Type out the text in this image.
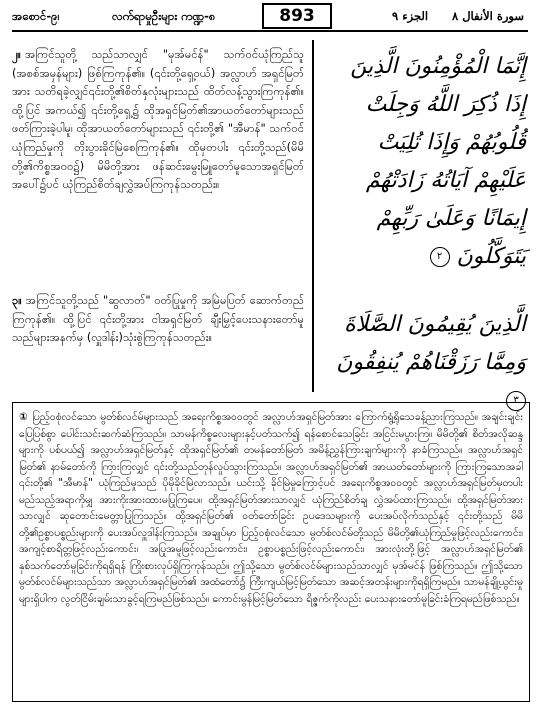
အစောင်-၉၊	လက်ရာမှုဦးများ ကဏ္ဍ-၈	893	الجزء ٩ سورة الأنفال ٨
၂။ အကြင်သူတို့ သည်သာလျှင် "မုအ်မင်န်" သက်ဝင်ယုံကြည်သူ (အစစ်အမှန်များ) ဖြစ်ကြကုန်၏။ (၎င်းတို့ရှေ့ဝယ်) အလ္လာဟ် အရှင်မြတ်အား သတိရခဲ့လျှင်၎င်းတို့၏စိတ်နှလုံးများသည် ထိတ်လန့်သွားကြကုန်၏။ ထို့ပြင် အကယ်၍ ၎င်းတို့ရှေ့၌ ထိုအရှင်မြတ်၏အာယတ်တော်များသည် ဖတ်ကြားခဲ့ပါမူ၊ ထိုအာယတ်တော်များသည် ၎င်းတို့၏ "အီမာန်" သက်ဝင်ယုံကြည်မှုကို တိုးပွားခိုင်မြဲစေကြကုန်၏။ ထိုမှတပါး ၎င်းတို့သည်(မိမိတို့၏ကိစ္စအဝဝ၌) မိမိတို့အား ဖန်ဆင်းမွေးမြူတော်မူသောအရှင်မြတ်အပေါ်၌ပင် ယုံကြည်စိတ်ချလွှဲအပ်ကြကုန်သတည်း။
إِنَّمَا الْمُؤْمِنُونَ الَّذِينَ إِذَا ذُكِرَ اللَّهُ وَجِلَتْ قُلُوبُهُمْ وَإِذَا تُلِيَتْ عَلَيْهِمْ آيَاتُهُ زَادَتْهُمْ إِيمَانًا وَعَلَىٰ رَبِّهِمْ يَتَوَكَّلُونَ ٢
၃။ အကြင်သူတို့သည် "ဆွလာတ်" ဝတ်ပြုမှုကို အမြဲမပြတ် ဆောက်တည်ကြကုန်၏။ ထို့ပြင် ၎င်းတို့အား ငါအရှင်မြတ် ချီးမြှင့်ပေးသနားတော်မူသည်များအနက်မှ (လှူဒါန်း)သုံးစွဲကြကုန်သတည်း။
الَّذِينَ يُقِيمُونَ الصَّلَاةَ وَمِمَّا رَزَقْنَاهُمْ يُنفِقُونَ ٣
① ပြည့်ဝစုံလင်သော မွတ်စ်လင်မ်များသည် အရေးကိစ္စအဝဝတွင် အလ္လာဟ်အရှင်မြတ်အား ကြောက်ရွံ့ရိုသေခန့်ညားကြသည်။ အချင်းချင်းပြေပြစ်စွာ ပေါင်းသင်းဆက်ဆံကြသည်။ သာမန်ကိစ္စလေးများနှင့်ပတ်သက်၍ ရန်စောင်သေခြင်း အငြင်းမပွားကြ။ မိမိတို့၏ စိတ်အလိုဆန္ဒများကို ပစ်ပယ်၍ အလ္လာဟ်အရှင်မြတ်နှင့် ထိုအရှင်မြတ်၏ တမန်တော်မြတ် အမိန့်ညွှန်ကြားချက်များကို နာခံကြသည်။ အလ္လာဟ်အရှင်မြတ်၏ နာမ်တော်ကို ကြားကြလျှင် ၎င်းတို့သည်တုန်လှုပ်သွားကြသည်။ အလ္လာဟ်အရှင်မြတ်၏ အာယတ်တော်များကို ကြားကြသောအခါ ၎င်းတို့၏ "အီမာန်" ယုံကြည်မှုသည် ပိုမိုခိုင်မြဲလာသည်။ ယင်းသို့ ခိုင်မြဲမှုကြောင့်ပင် အရေးကိစ္စအဝဝတွင် အလ္လာဟ်အရှင်မြတ်မှတပါး မည်သည့်အရာကိုမျှ အားကိုးအားထားမပြုကြပေ။ ထို့အရှင်မြတ်အားသာလျှင် ယုံကြည်စိတ်ချ လွှဲအပ်ထားကြသည်။ ထို့အရှင်မြတ်အားသာလျှင် ဆုတောင်းမေတ္တာပြုကြသည်။ ထို့အရှင်မြတ်၏ ဝတ်တော်ခြင်း ဥပဒေသများကို ပေးအပ်လိုက်သည်နှင့် ၎င်းတို့သည် မိမိတို့၏ဥစ္စာပစ္စည်းများကို ပေးအပ်လှူဒါန်းကြသည်။ အချုပ်မှာ ပြည့်ဝစုံလင်သော မွတ်စ်လင်မ်တို့သည် မိမိတို့၏ယုံကြည်မှုဖြင့်လည်းကောင်း၊ အကျင့်စာရိတ္တဖြင့်လည်းကောင်း၊ အပြုအမူဖြင့်လည်းကောင်း၊ ဥစ္စာပစ္စည်းဖြင့်လည်းကောင်း၊ အားလုံးတို့ဖြင့် အလ္လာဟ်အရှင်မြတ်၏ နှစ်သက်တော်မူခြင်းကိုရရှိရန် ကြိုးစားလုပ်ရှိကြကုန်သည်။ ဤသို့သော မွတ်စ်လင်မ်များသည်သာလျှင် မုအ်မင်န် ဖြစ်ကြသည်။ ဤသို့သော မွတ်စ်လင်မ်များသည်သာ အလ္လာဟ်အရှင်မြတ်၏ အထံတော်၌ ကြီးကျယ်မြင့်မြတ်သော အဆင့်အတန်းများကိုရရှိကြမည်။ သာမန်ချို့ယွင်းမှုများရှိပါက လွတ်ငြိမ်းချမ်းသာခွင့်ရကြမည်ဖြစ်သည်။ ကောင်းမွန်မြင့်မြတ်သော ရိဇ္ဇက်ကိုလည်း ပေးသနားတော်မူခြင်းခံကြရမည်ဖြစ်သည်။
